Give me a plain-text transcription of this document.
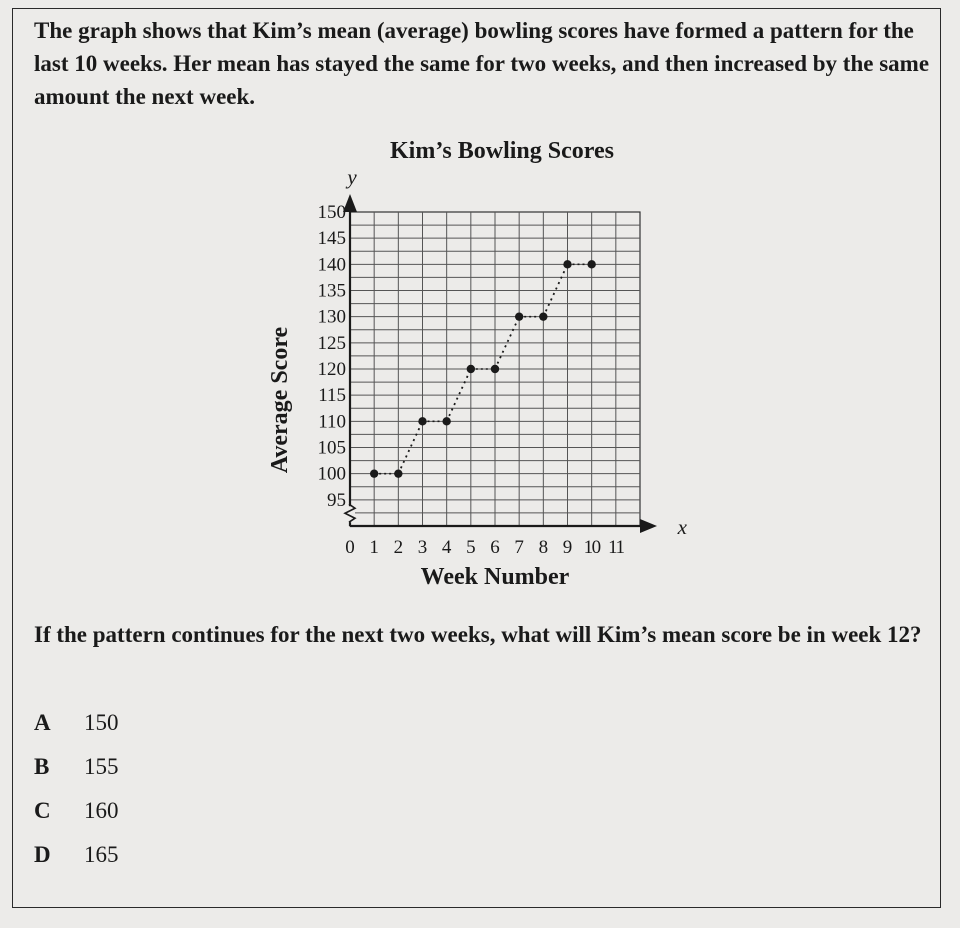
The graph shows that Kim’s mean (average) bowling scores have formed a pattern for the last 10 weeks. Her mean has stayed the same for two weeks, and then increased by the same amount the next week.

Kim’s Bowling Scores
y
95
100
105
110
115
120
125
130
135
140
145
150
0 1 2 3 4 5 6 7 8 9 10 11
x
Week Number
Average Score

If the pattern continues for the next two weeks, what will Kim’s mean score be in week 12?

A	150
B	155
C	160
D	165
